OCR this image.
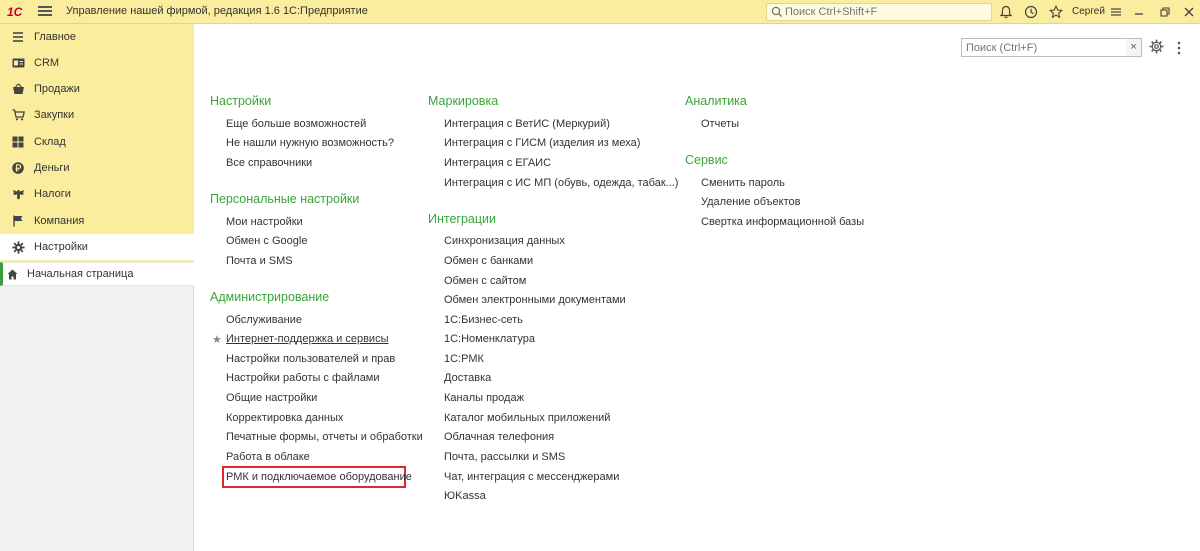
1С	Управление нашей фирмой, редакция 1.6 1С:Предприятие
Поиск Ctrl+Shift+F	Сергей
Главное
CRM
Продажи
Закупки
Склад
Деньги
Налоги
Компания
Настройки
Начальная страница
Поиск (Ctrl+F)
×
Настройки
Еще больше возможностей
Не нашли нужную возможность?
Все справочники
Персональные настройки
Мои настройки
Обмен с Google
Почта и SMS
Администрирование
Обслуживание
★ Интернет-поддержка и сервисы
Настройки пользователей и прав
Настройки работы с файлами
Общие настройки
Корректировка данных
Печатные формы, отчеты и обработки
Работа в облаке
РМК и подключаемое оборудование
Маркировка
Интеграция с ВетИС (Меркурий)
Интеграция с ГИСМ (изделия из меха)
Интеграция с ЕГАИС
Интеграция с ИС МП (обувь, одежда, табак...)
Интеграции
Синхронизация данных
Обмен с банками
Обмен с сайтом
Обмен электронными документами
1С:Бизнес-сеть
1С:Номенклатура
1С:РМК
Доставка
Каналы продаж
Каталог мобильных приложений
Облачная телефония
Почта, рассылки и SMS
Чат, интеграция с мессенджерами
ЮKassa
Аналитика
Отчеты
Сервис
Сменить пароль
Удаление объектов
Свертка информационной базы
